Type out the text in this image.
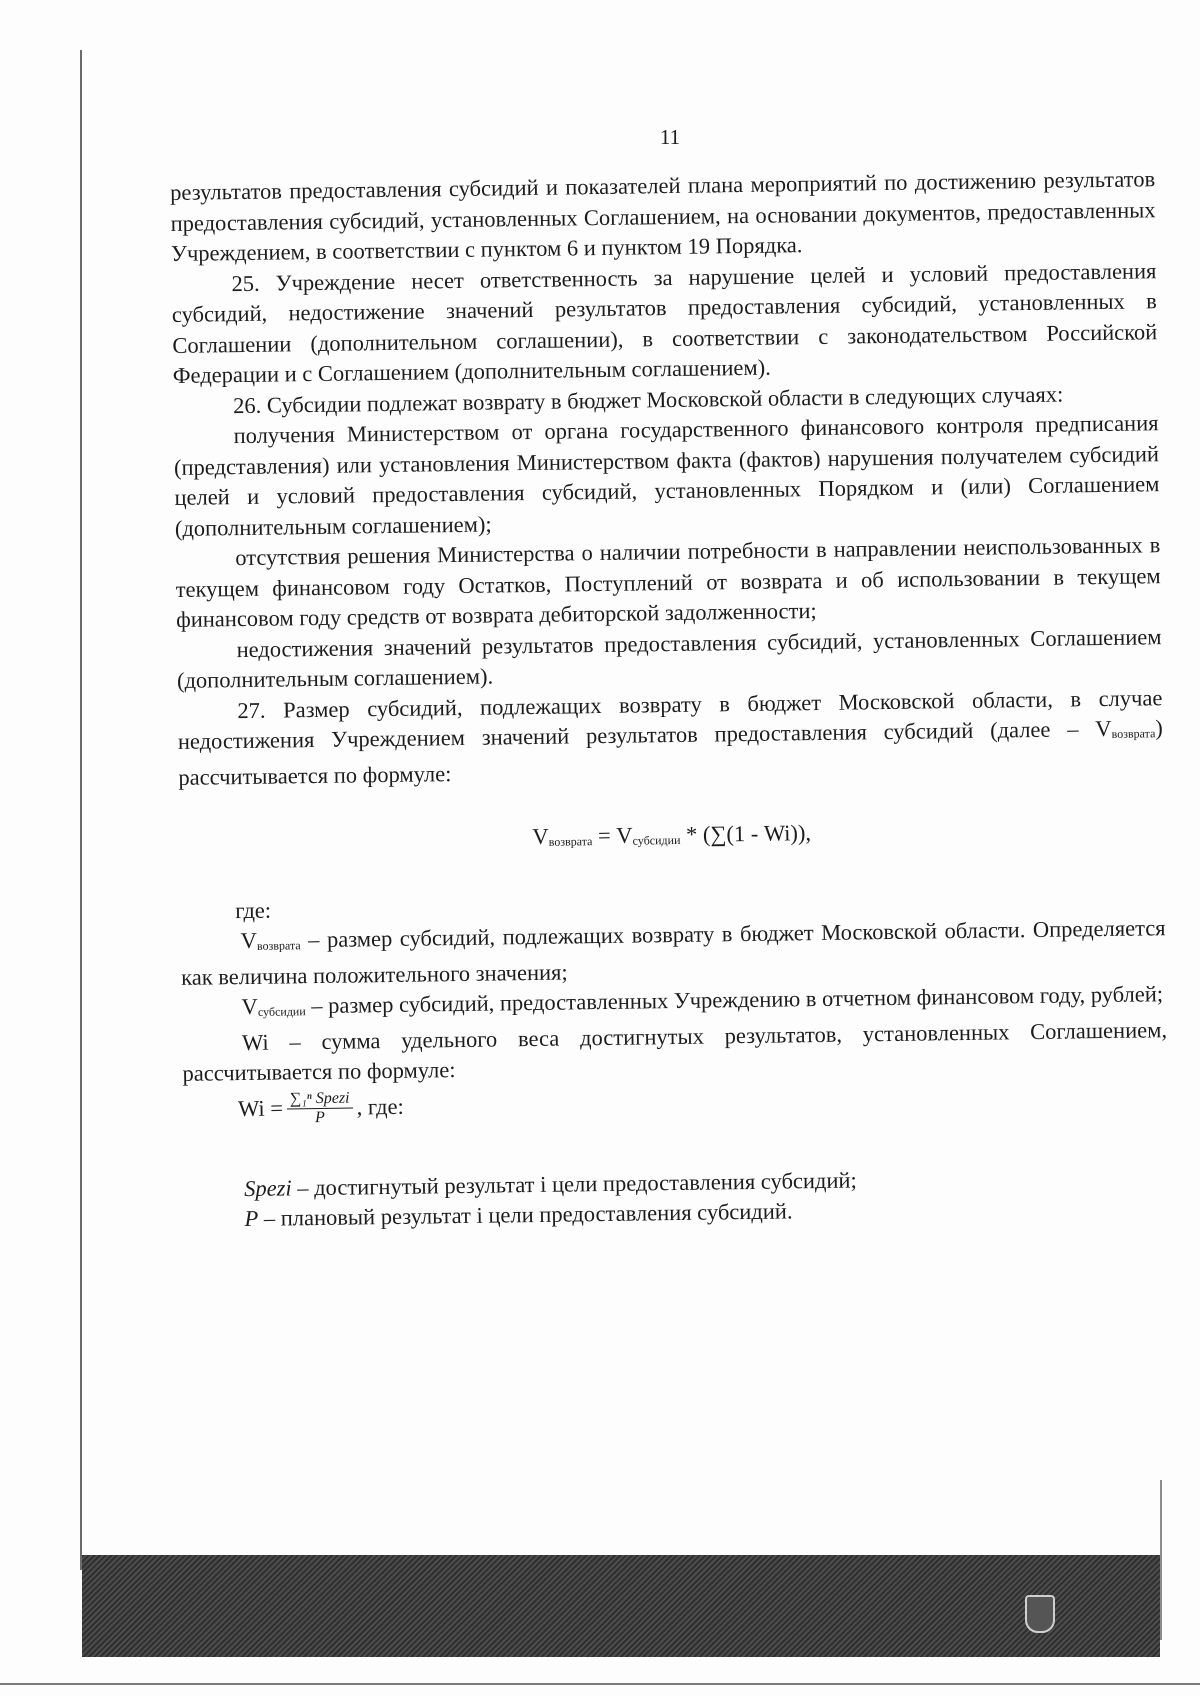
11

результатов предоставления субсидий и показателей плана мероприятий по достижению результатов предоставления субсидий, установленных Соглашением, на основании документов, предоставленных Учреждением, в соответствии с пунктом 6 и пунктом 19 Порядка.

25. Учреждение несет ответственность за нарушение целей и условий предоставления субсидий, недостижение значений результатов предоставления субсидий, установленных в Соглашении (дополнительном соглашении), в соответствии с законодательством Российской Федерации и с Соглашением (дополнительным соглашением).

26. Субсидии подлежат возврату в бюджет Московской области в следующих случаях:

получения Министерством от органа государственного финансового контроля предписания (представления) или установления Министерством факта (фактов) нарушения получателем субсидий целей и условий предоставления субсидий, установленных Порядком и (или) Соглашением (дополнительным соглашением);

отсутствия решения Министерства о наличии потребности в направлении неиспользованных в текущем финансовом году Остатков, Поступлений от возврата и об использовании в текущем финансовом году средств от возврата дебиторской задолженности;

недостижения значений результатов предоставления субсидий, установленных Соглашением (дополнительным соглашением).

27. Размер субсидий, подлежащих возврату в бюджет Московской области, в случае недостижения Учреждением значений результатов предоставления субсидий (далее – Vвозврата) рассчитывается по формуле:

Vвозврата = Vсубсидии * (∑(1 - Wi)),

где:

Vвозврата – размер субсидий, подлежащих возврату в бюджет Московской области. Определяется как величина положительного значения;

Vсубсидии – размер субсидий, предоставленных Учреждению в отчетном финансовом году, рублей;

Wi – сумма удельного веса достигнутых результатов, установленных Соглашением, рассчитывается по формуле:

$Wi = \frac{\text{∑₁ⁿ Spezi}}{P}$ , где:

Spezi – достигнутый результат i цели предоставления субсидий;

P – плановый результат i цели предоставления субсидий.
